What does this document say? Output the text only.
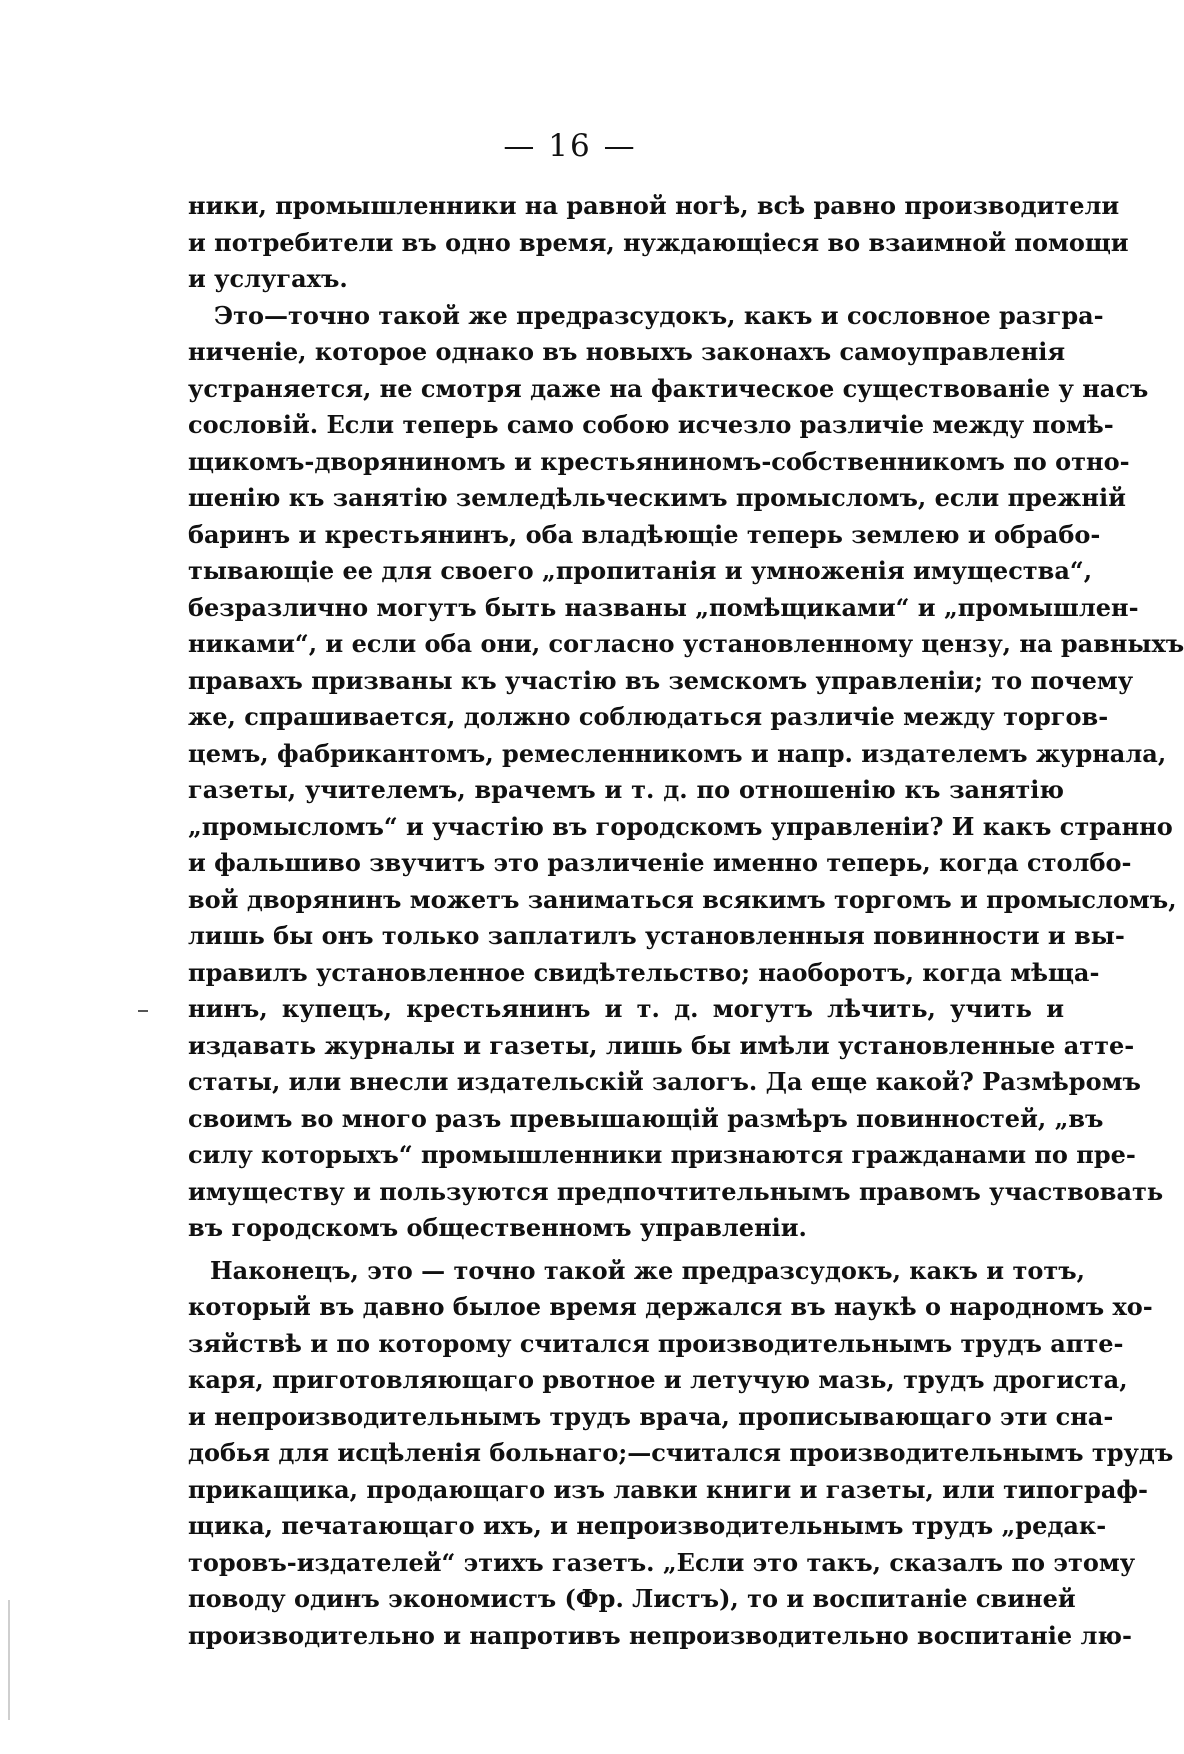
— 16 —
ники, промышленники на равной ногѣ, всѣ равно производители
и потребители въ одно время, нуждающіеся во взаимной помощи
и услугахъ.
Это—точно такой же предразсудокъ, какъ и сословное разгра-
ниченіе, которое однако въ новыхъ законахъ самоуправленія
устраняется, не смотря даже на фактическое существованіе у насъ
сословій. Если теперь само собою исчезло различіе между помѣ-
щикомъ-дворяниномъ и крестьяниномъ-собственникомъ по отно-
шенію къ занятію земледѣльческимъ промысломъ, если прежній
баринъ и крестьянинъ, оба владѣющіе теперь землею и обрабо-
тывающіе ее для своего „пропитанія и умноженія имущества“,
безразлично могутъ быть названы „помѣщиками“ и „промышлен-
никами“, и если оба они, согласно установленному цензу, на равныхъ
правахъ призваны къ участію въ земскомъ управленіи; то почему
же, спрашивается, должно соблюдаться различіе между торгов-
цемъ, фабрикантомъ, ремесленникомъ и напр. издателемъ журнала,
газеты, учителемъ, врачемъ и т. д. по отношенію къ занятію
„промысломъ“ и участію въ городскомъ управленіи? И какъ странно
и фальшиво звучитъ это различеніе именно теперь, когда столбо-
вой дворянинъ можетъ заниматься всякимъ торгомъ и промысломъ,
лишь бы онъ только заплатилъ установленныя повинности и вы-
правилъ установленное свидѣтельство; наоборотъ, когда мѣща-
нинъ, купецъ, крестьянинъ и т. д. могутъ лѣчить, учить и
издавать журналы и газеты, лишь бы имѣли установленные атте-
статы, или внесли издательскій залогъ. Да еще какой? Размѣромъ
своимъ во много разъ превышающій размѣръ повинностей, „въ
силу которыхъ“ промышленники признаются гражданами по пре-
имуществу и пользуются предпочтительнымъ правомъ участвовать
въ городскомъ общественномъ управленіи.
Наконецъ, это — точно такой же предразсудокъ, какъ и тотъ,
который въ давно былое время держался въ наукѣ о народномъ хо-
зяйствѣ и по которому считался производительнымъ трудъ апте-
каря, приготовляющаго рвотное и летучую мазь, трудъ дрогиста,
и непроизводительнымъ трудъ врача, прописывающаго эти сна-
добья для исцѣленія больнаго;—считался производительнымъ трудъ
прикащика, продающаго изъ лавки книги и газеты, или типограф-
щика, печатающаго ихъ, и непроизводительнымъ трудъ „редак-
торовъ-издателей“ этихъ газетъ. „Если это такъ, сказалъ по этому
поводу одинъ экономистъ (Фр. Листъ), то и воспитаніе свиней
производительно и напротивъ непроизводительно воспитаніе лю-
